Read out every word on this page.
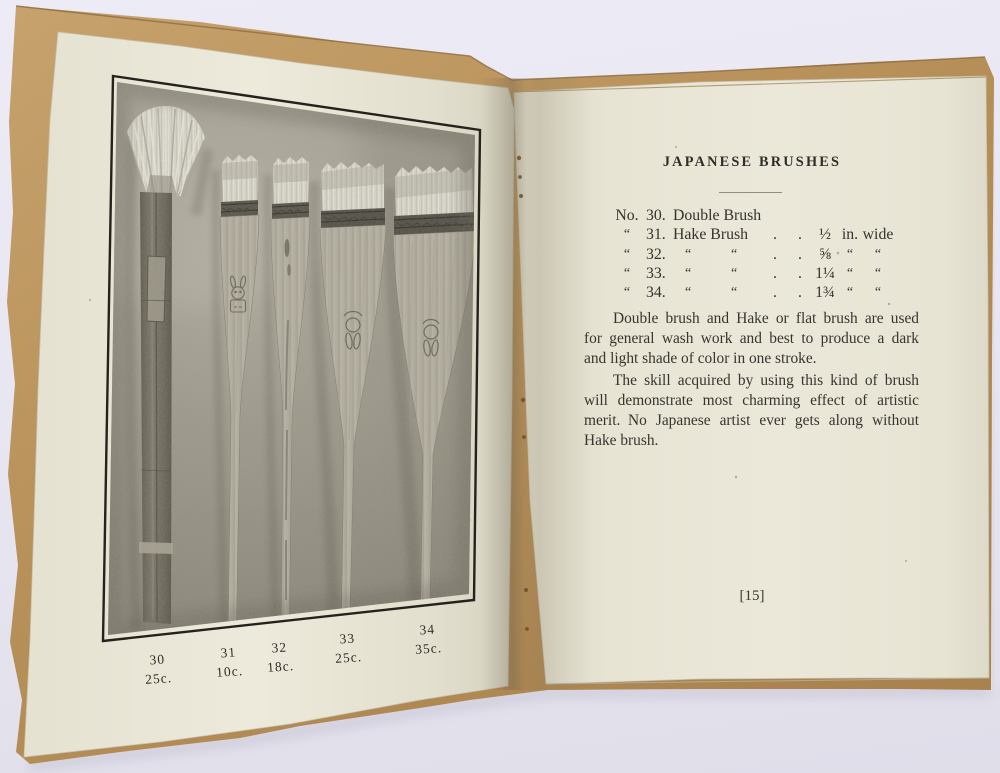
30
25c.
31
10c.
32
18c.
33
25c.
34
35c.
JAPANESE BRUSHES
No. 30. Double Brush
“	31. Hake Brush	.	.	½ in. wide
“	32.	“	“	.	.	⅝	“	“
“	33.	“	“	.	. 1¼ “	“
“	34.	“	“	.	. 1¾ “	“
Double brush and Hake or flat brush are used
for general wash work and best to produce a dark
and light shade of color in one stroke.
The skill acquired by using this kind of brush
will demonstrate most charming effect of artistic
merit. No Japanese artist ever gets along without
Hake brush.
[15]
